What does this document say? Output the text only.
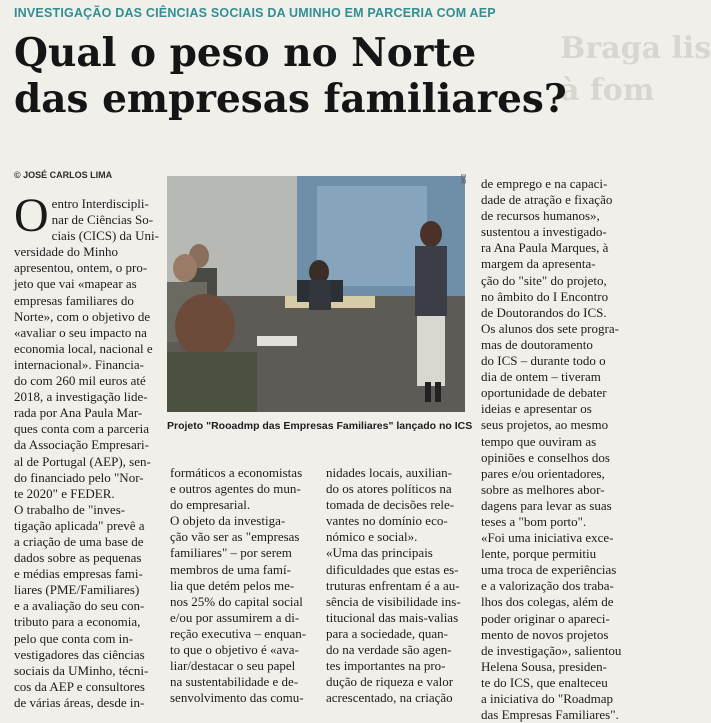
INVESTIGAÇÃO DAS CIÊNCIAS SOCIAIS DA UMINHO EM PARCERIA COM AEP
Braga lis
à fom
Qual o peso no Norte
das empresas familiares?
© JOSÉ CARLOS LIMA
O entro Interdiscipli-
nar de Ciências So-
ciais (CICS) da Uni-
versidade do Minho
apresentou, ontem, o pro-
jeto que vai «mapear as
empresas familiares do
Norte», com o objetivo de
«avaliar o seu impacto na
economia local, nacional e
internacional». Financia-
do com 260 mil euros até
2018, a investigação lide-
rada por Ana Paula Mar-
ques conta com a parceria
da Associação Empresari-
al de Portugal (AEP), sen-
do financiado pelo "Nor-
te 2020" e FEDER.
O trabalho de "inves-
tigação aplicada" prevê a
a criação de uma base de
dados sobre as pequenas
e médias empresas fami-
liares (PME/Familiares)
e a avaliação do seu con-
tributo para a economia,
pelo que conta com in-
vestigadores das ciências
sociais da UMinho, técni-
cos da AEP e consultores
de várias áreas, desde in-
DR
Projeto "Rooadmp das Empresas Familiares" lançado no ICS
formáticos a economistas
e outros agentes do mun-
do empresarial.
O objeto da investiga-
ção vão ser as "empresas
familiares" – por serem
membros de uma famí-
lia que detém pelos me-
nos 25% do capital social
e/ou por assumirem a di-
reção executiva – enquan-
to que o objetivo é «ava-
liar/destacar o seu papel
na sustentabilidade e de-
senvolvimento das comu-
nidades locais, auxilian-
do os atores políticos na
tomada de decisões rele-
vantes no domínio eco-
nómico e social».
«Uma das principais
dificuldades que estas es-
truturas enfrentam é a au-
sência de visibilidade ins-
titucional das mais-valias
para a sociedade, quan-
do na verdade são agen-
tes importantes na pro-
dução de riqueza e valor
acrescentado, na criação
de emprego e na capaci-
dade de atração e fixação
de recursos humanos»,
sustentou a investigado-
ra Ana Paula Marques, à
margem da apresenta-
ção do "site" do projeto,
no âmbito do I Encontro
de Doutorandos do ICS.
Os alunos dos sete progra-
mas de doutoramento
do ICS – durante todo o
dia de ontem – tiveram
oportunidade de debater
ideias e apresentar os
seus projetos, ao mesmo
tempo que ouviram as
opiniões e conselhos dos
pares e/ou orientadores,
sobre as melhores abor-
dagens para levar as suas
teses a "bom porto".
«Foi uma iniciativa exce-
lente, porque permitiu
uma troca de experiências
e a valorização dos traba-
lhos dos colegas, além de
poder originar o apareci-
mento de novos projetos
de investigação», salientou
Helena Sousa, presiden-
te do ICS, que enalteceu
a iniciativa do "Roadmap
das Empresas Familiares".
